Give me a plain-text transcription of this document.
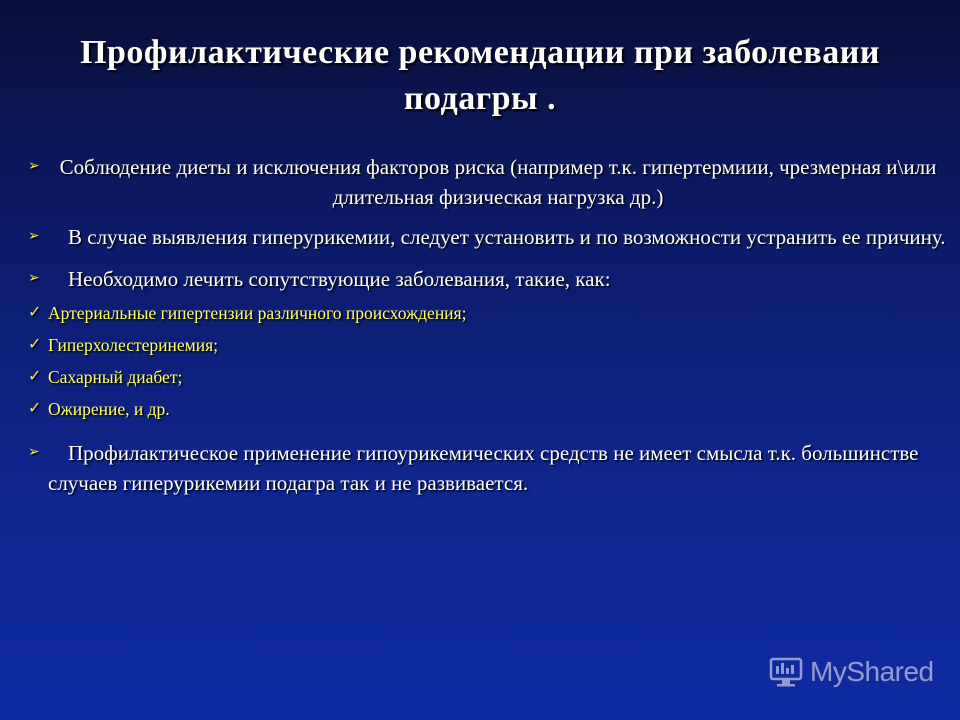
Профилактические рекомендации при заболеваии подагры .
➢ Соблюдение диеты и исключения факторов риска (например т.к. гипертермиии, чрезмерная и\или длительная физическая нагрузка др.)
➢	В случае выявления гиперурикемии, следует установить и по возможности устранить ее причину.
➢	Необходимо лечить сопутствующие заболевания, такие, как:
✓ Артериальные гипертензии различного происхождения;
✓ Гиперхолестеринемия;
✓ Сахарный диабет;
✓ Ожирение, и др.
➢	Профилактическое применение гипоурикемических средств не имеет смысла т.к. большинстве случаев гиперурикемии подагра так и не развивается.
MyShared
